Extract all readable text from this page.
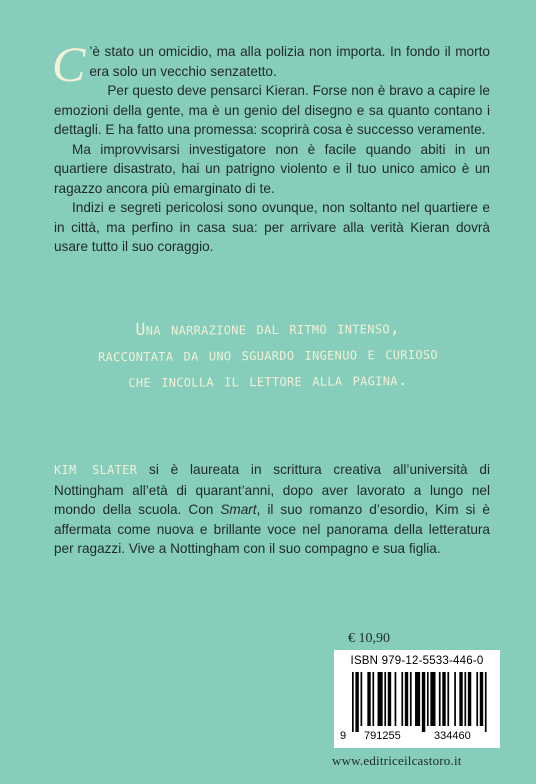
C ’è stato un omicidio, ma alla polizia non importa. In fondo il morto era solo un vecchio senzatetto.

Per questo deve pensarci Kieran. Forse non è bravo a capire le emozioni della gente, ma è un genio del disegno e sa quanto contano i dettagli. E ha fatto una promessa: scoprirà cosa è successo veramente.

Ma improvvisarsi investigatore non è facile quando abiti in un quartiere disastrato, hai un patrigno violento e il tuo unico amico è un ragazzo ancora più emarginato di te.

Indizi e segreti pericolosi sono ovunque, non soltanto nel quartiere e in città, ma perfino in casa sua: per arrivare alla verità Kieran dovrà usare tutto il suo coraggio.

Una narrazione dal ritmo intenso,
raccontata da uno sguardo ingenuo e curioso
che incolla il lettore alla pagina.
KIM SLATER si è laureata in scrittura creativa all’università di Nottingham all’età di quarant’anni, dopo aver lavorato a lungo nel mondo della scuola. Con Smart, il suo romanzo d’esordio, Kim si è affermata come nuova e brillante voce nel panorama della letteratura per ragazzi. Vive a Nottingham con il suo compagno e sua figlia.
€ 10,90
ISBN 979-12-5533-446-0
9 791255	334460
www.editriceilcastoro.it
